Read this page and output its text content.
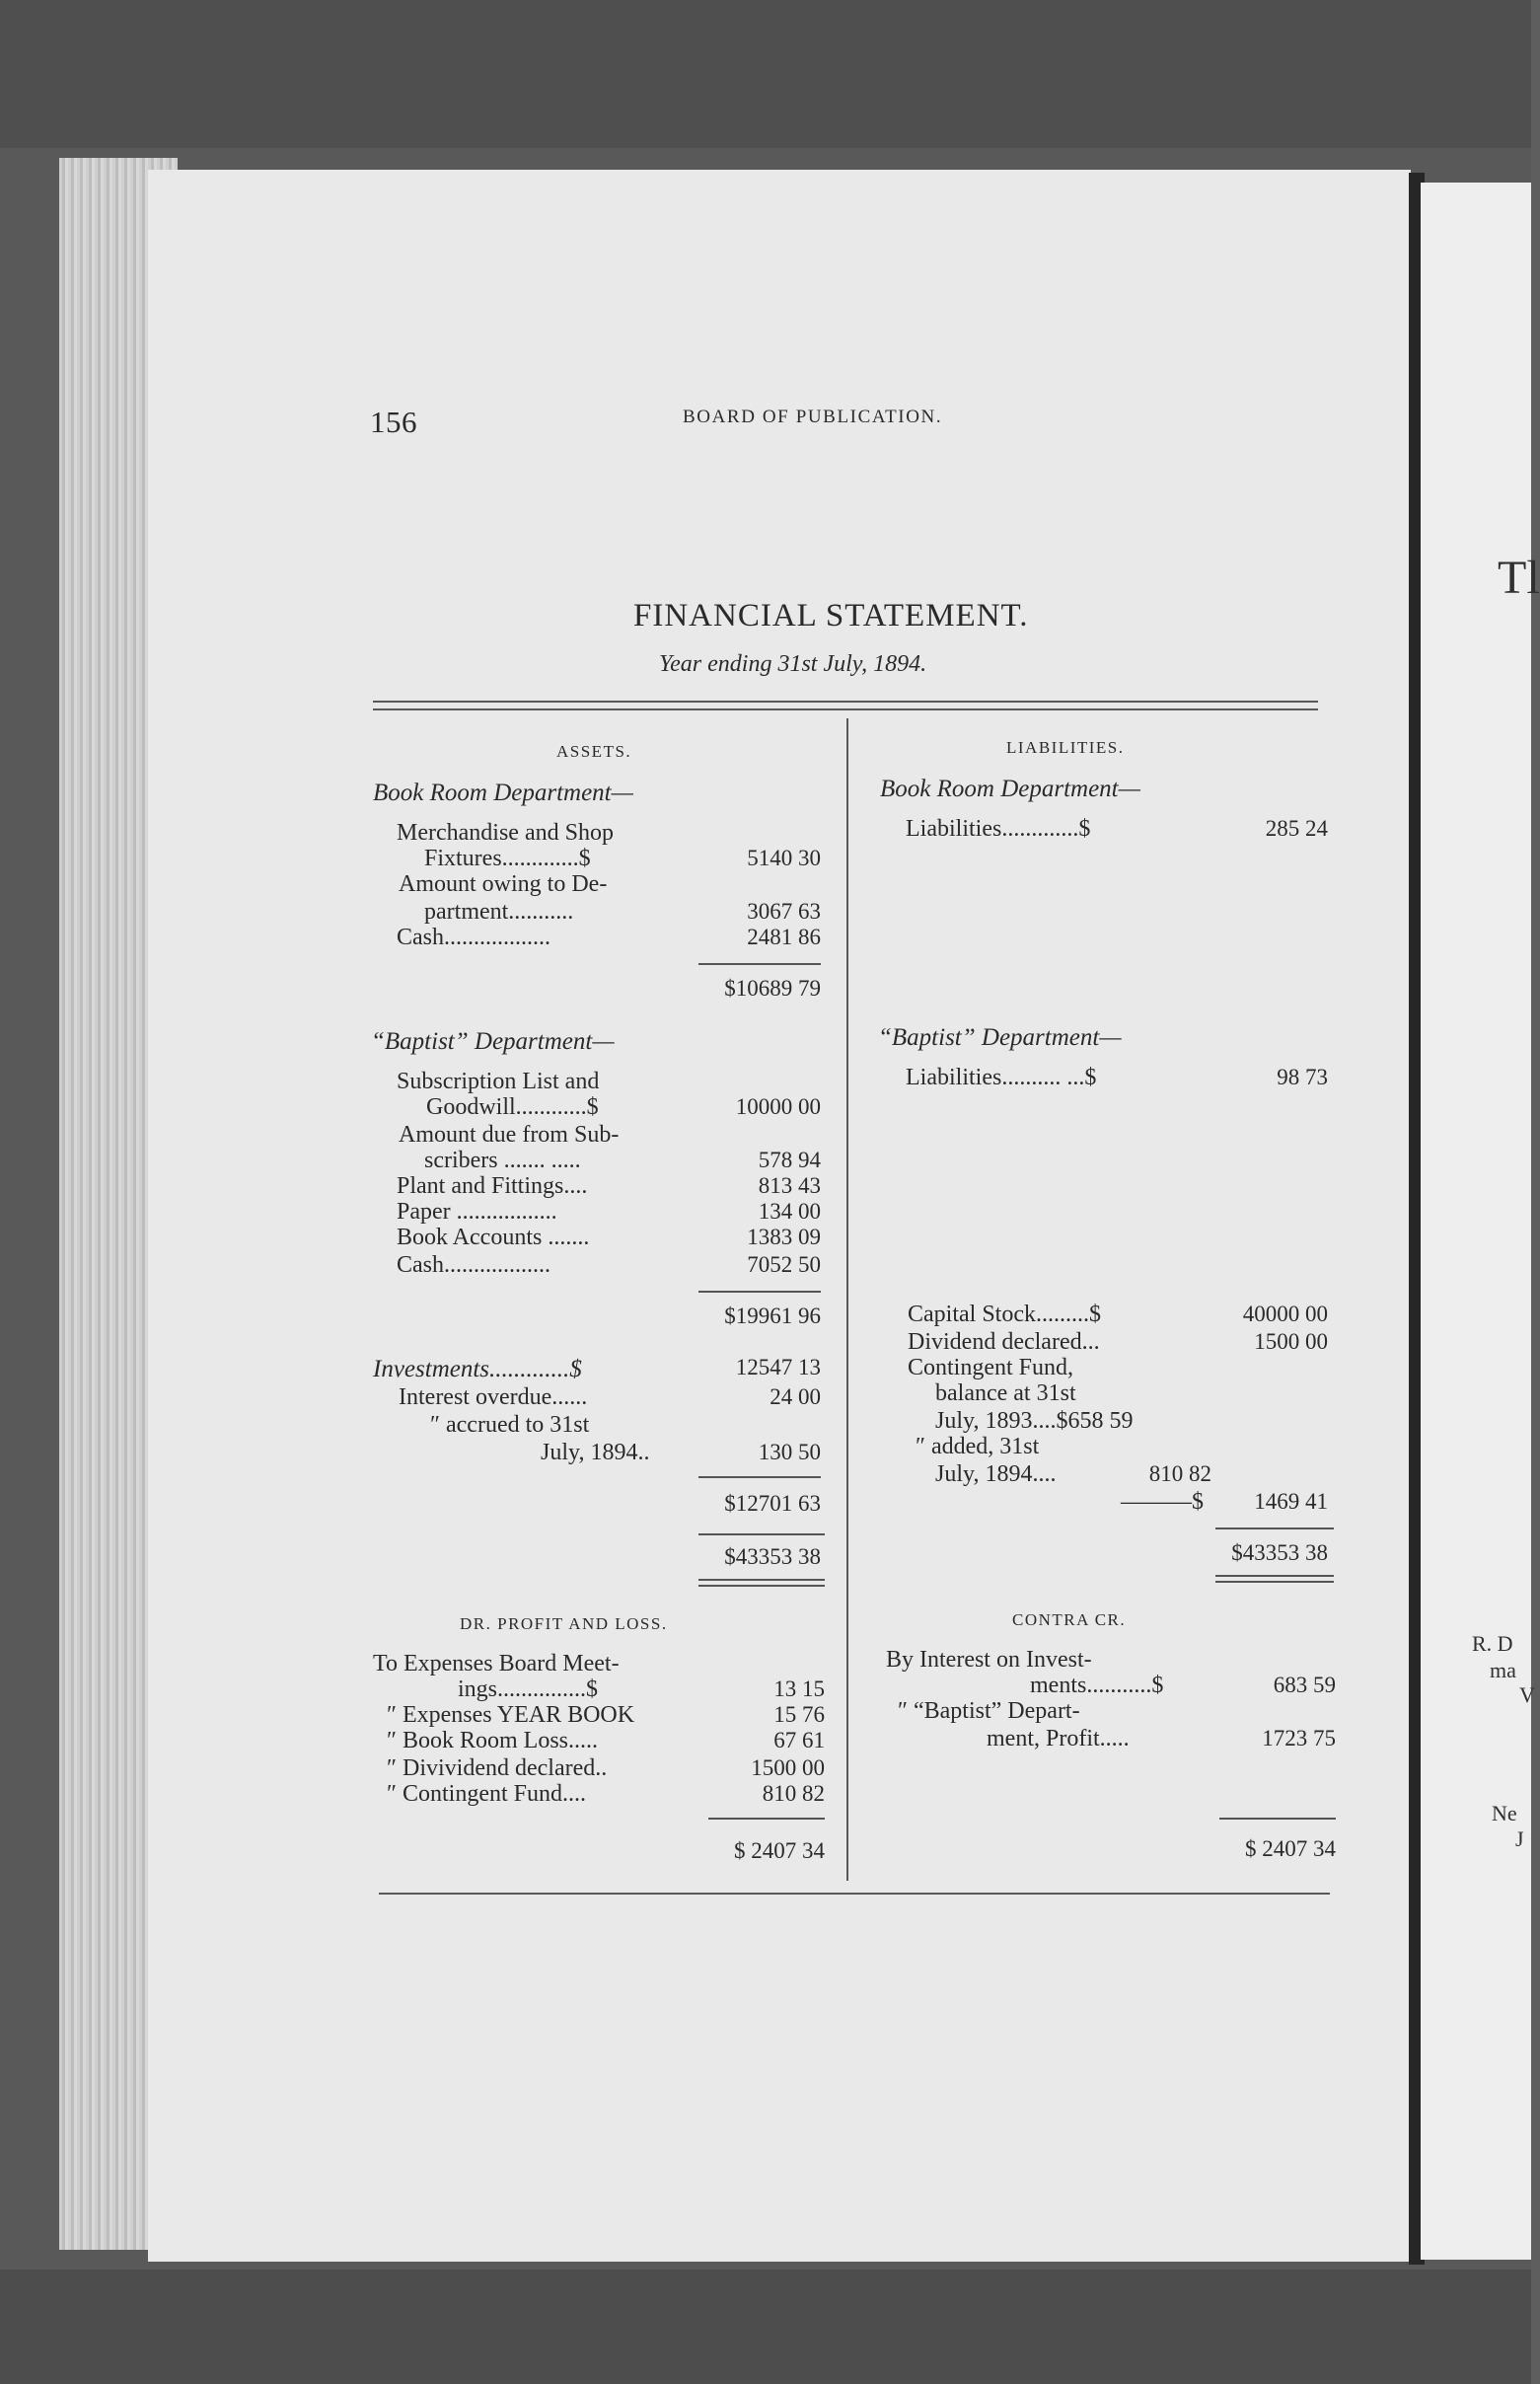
Tl
R. D
ma
V
Ne
J
156	BOARD OF PUBLICATION.
FINANCIAL STATEMENT.
Year ending 31st July, 1894.
ASSETS.
Book Room Department—
Merchandise and Shop
Fixtures.............$	5140 30
Amount owing to De-
partment...........	3067 63
Cash..................	2481 86
$10689 79
“Baptist” Department—
Subscription List and
Goodwill............$	10000 00
Amount due from Sub-
scribers ....... .....	578 94
Plant and Fittings....	813 43
Paper .................	134 00
Book Accounts .......	1383 09
Cash..................	7052 50
$19961 96
Investments.............$	12547 13
Interest overdue......	24 00
″ accrued to 31st
July, 1894..	130 50
$12701 63
$43353 38
LIABILITIES.
Book Room Department—
Liabilities.............$	285 24
“Baptist” Department—
Liabilities.......... ...$	98 73
Capital Stock.........$	40000 00
Dividend declared...	1500 00
Contingent Fund,
balance at 31st
July, 1893....$658 59
″ added, 31st
July, 1894....	810 82
———$	1469 41
$43353 38
DR. PROFIT AND LOSS.
To Expenses Board Meet-
ings...............$	13 15
″ Expenses YEAR BOOK	15 76
″ Book Room Loss.....	67 61
″ Divividend declared..	1500 00
″ Contingent Fund....	810 82
$ 2407 34
CONTRA CR.
By Interest on Invest-
ments...........$	683 59
″ “Baptist” Depart-
ment, Profit.....	1723 75
$ 2407 34
